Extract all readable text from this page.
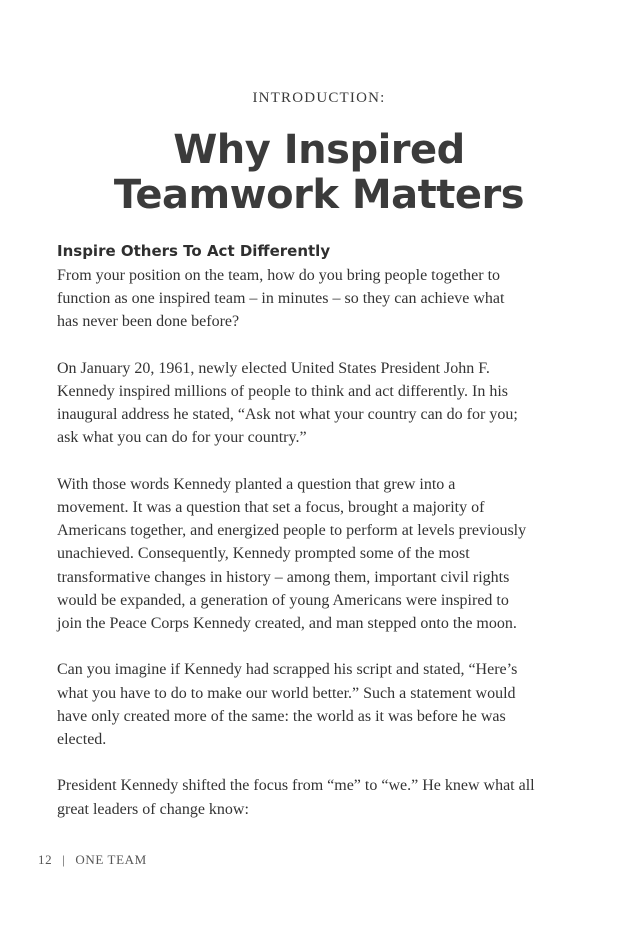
INTRODUCTION:
Why Inspired
Teamwork Matters
Inspire Others To Act Differently

From your position on the team, how do you bring people together to
function as one inspired team – in minutes – so they can achieve what
has never been done before?

On January 20, 1961, newly elected United States President John F.
Kennedy inspired millions of people to think and act differently. In his
inaugural address he stated, “Ask not what your country can do for you;
ask what you can do for your country.”

With those words Kennedy planted a question that grew into a
movement. It was a question that set a focus, brought a majority of
Americans together, and energized people to perform at levels previously
unachieved. Consequently, Kennedy prompted some of the most
transformative changes in history – among them, important civil rights
would be expanded, a generation of young Americans were inspired to
join the Peace Corps Kennedy created, and man stepped onto the moon.

Can you imagine if Kennedy had scrapped his script and stated, “Here’s
what you have to do to make our world better.” Such a statement would
have only created more of the same: the world as it was before he was
elected.

President Kennedy shifted the focus from “me” to “we.” He knew what all
great leaders of change know:

12 | ONE TEAM
